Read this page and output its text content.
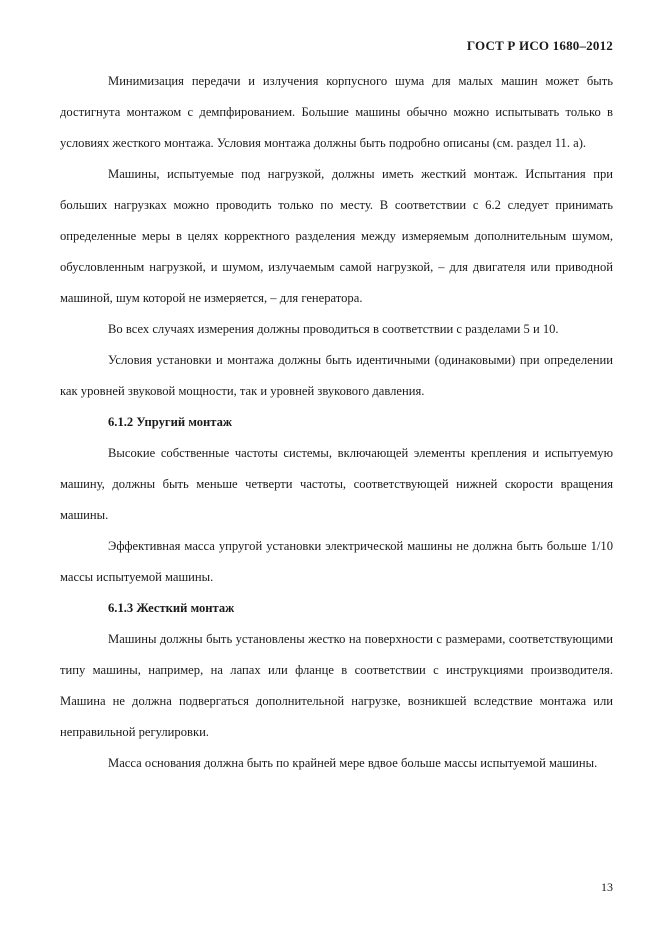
ГОСТ Р ИСО 1680–2012

Минимизация передачи и излучения корпусного шума для малых машин может быть достигнута монтажом с демпфированием. Большие машины обычно можно испытывать только в условиях жесткого монтажа. Условия монтажа должны быть подробно описаны (см. раздел 11. а).

Машины, испытуемые под нагрузкой, должны иметь жесткий монтаж. Испытания при больших нагрузках можно проводить только по месту. В соответствии с 6.2 следует принимать определенные меры в целях корректного разделения между измеряемым дополнительным шумом, обусловленным нагрузкой, и шумом, излучаемым самой нагрузкой, – для двигателя или приводной машиной, шум которой не измеряется, – для генератора.

Во всех случаях измерения должны проводиться в соответствии с разделами 5 и 10.

Условия установки и монтажа должны быть идентичными (одинаковыми) при определении как уровней звуковой мощности, так и уровней звукового давления.

6.1.2 Упругий монтаж

Высокие собственные частоты системы, включающей элементы крепления и испытуемую машину, должны быть меньше четверти частоты, соответствующей нижней скорости вращения машины.

Эффективная масса упругой установки электрической машины не должна быть больше 1/10 массы испытуемой машины.

6.1.3 Жесткий монтаж

Машины должны быть установлены жестко на поверхности с размерами, соответствующими типу машины, например, на лапах или фланце в соответствии с инструкциями производителя. Машина не должна подвергаться дополнительной нагрузке, возникшей вследствие монтажа или неправильной регулировки.

Масса основания должна быть по крайней мере вдвое больше массы испытуемой машины.

13
